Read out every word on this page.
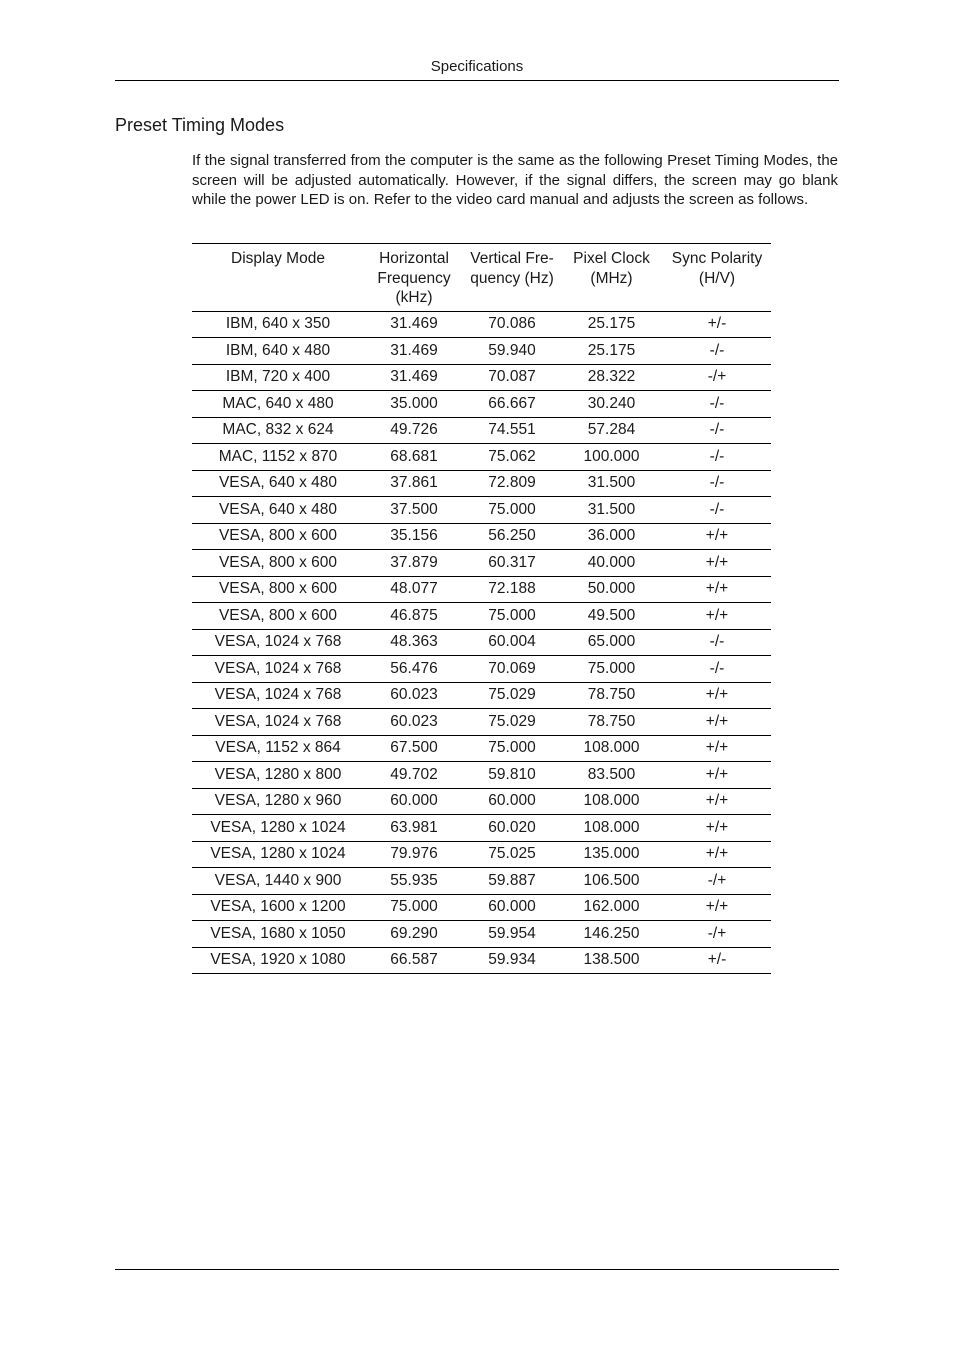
Specifications
Preset Timing Modes

If the signal transferred from the computer is the same as the following Preset Timing Modes, the screen will be adjusted automatically. However, if the signal differs, the screen may go blank while the power LED is on. Refer to the video card manual and adjusts the screen as follows.

Display Mode	Horizontal Frequency (kHz)	Vertical Fre-quency (Hz)	Pixel Clock (MHz)	Sync Polarity (H/V)
IBM, 640 x 350	31.469	70.086	25.175	+/-
IBM, 640 x 480	31.469	59.940	25.175	-/-
IBM, 720 x 400	31.469	70.087	28.322	-/+
MAC, 640 x 480	35.000	66.667	30.240	-/-
MAC, 832 x 624	49.726	74.551	57.284	-/-
MAC, 1152 x 870	68.681	75.062	100.000	-/-
VESA, 640 x 480	37.861	72.809	31.500	-/-
VESA, 640 x 480	37.500	75.000	31.500	-/-
VESA, 800 x 600	35.156	56.250	36.000	+/+
VESA, 800 x 600	37.879	60.317	40.000	+/+
VESA, 800 x 600	48.077	72.188	50.000	+/+
VESA, 800 x 600	46.875	75.000	49.500	+/+
VESA, 1024 x 768	48.363	60.004	65.000	-/-
VESA, 1024 x 768	56.476	70.069	75.000	-/-
VESA, 1024 x 768	60.023	75.029	78.750	+/+
VESA, 1024 x 768	60.023	75.029	78.750	+/+
VESA, 1152 x 864	67.500	75.000	108.000	+/+
VESA, 1280 x 800	49.702	59.810	83.500	+/+
VESA, 1280 x 960	60.000	60.000	108.000	+/+
VESA, 1280 x 1024	63.981	60.020	108.000	+/+
VESA, 1280 x 1024	79.976	75.025	135.000	+/+
VESA, 1440 x 900	55.935	59.887	106.500	-/+
VESA, 1600 x 1200	75.000	60.000	162.000	+/+
VESA, 1680 x 1050	69.290	59.954	146.250	-/+
VESA, 1920 x 1080	66.587	59.934	138.500	+/-
